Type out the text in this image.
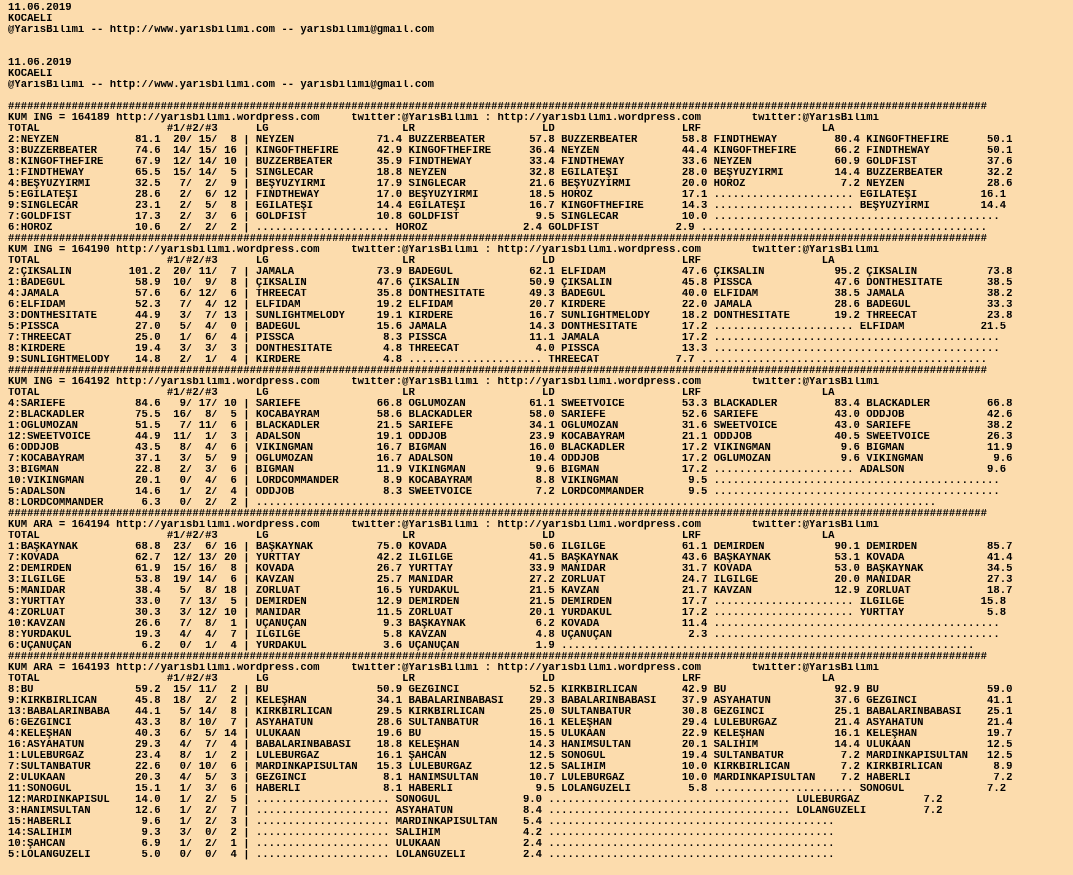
11.06.2019
KOCAELI
@YarisBilimi -- http://www.yarisbilimi.com -- yarisbilimi@gmail.com

11.06.2019
KOCAELI
@YarisBilimi -- http://www.yarisbilimi.com -- yarisbilimi@gmail.com

##########################################################################################################################################################
KUM ING = 164189 http://yarisbilimi.wordpress.com     twitter:@YarisBilimi : http://yarisbilimi.wordpress.com        twitter:@YarisBilimi
TOTAL                    #1/#2/#3      LG                     LR                    LD                    LRF                   LA
2:NEYZEN            81.1  20/ 15/  8 | NEYZEN             71.4 BUZZERBEATER       57.8 BUZZERBEATER       58.8 FINDTHEWAY         80.4 KINGOFTHEFIRE      50.1
3:BUZZERBEATER      74.6  14/ 15/ 16 | KINGOFTHEFIRE      42.9 KINGOFTHEFIRE      36.4 NEYZEN             44.4 KINGOFTHEFIRE      66.2 FINDTHEWAY         50.1
8:KINGOFTHEFIRE     67.9  12/ 14/ 10 | BUZZERBEATER       35.9 FINDTHEWAY         33.4 FINDTHEWAY         33.6 NEYZEN             60.9 GOLDFIST           37.6
1:FINDTHEWAY        65.5  15/ 14/  5 | SINGLECAR          18.8 NEYZEN             32.8 EGİLATEŞİ          28.0 BEŞYÜZYİRMİ        14.4 BUZZERBEATER       32.2
4:BEŞYÜZYİRMİ       32.5   7/  2/  9 | BEŞYÜZYİRMİ        17.9 SINGLECAR          21.6 BEŞYÜZYİRMİ        20.0 HOROZ               7.2 NEYZEN             28.6
5:EGİLATEŞİ         28.6   2/  6/ 12 | FINDTHEWAY         17.0 BEŞYÜZYİRMİ        18.5 HOROZ              17.1 ...................... EGİLATEŞİ          16.1
9:SINGLECAR         23.1   2/  5/  8 | EGİLATEŞİ          14.4 EGİLATEŞİ          16.7 KINGOFTHEFIRE      14.3 ...................... BEŞYÜZYİRMİ        14.4
7:GOLDFIST          17.3   2/  3/  6 | GOLDFIST           10.8 GOLDFIST            9.5 SINGLECAR          10.0 .............................................
6:HOROZ             10.6   2/  2/  2 | ..................... HOROZ               2.4 GOLDFIST            2.9 .............................................
##########################################################################################################################################################
KUM ING = 164190 http://yarisbilimi.wordpress.com     twitter:@YarisBilimi : http://yarisbilimi.wordpress.com        twitter:@YarisBilimi
TOTAL                    #1/#2/#3      LG                     LR                    LD                    LRF                   LA
2:ÇIKSALIN         101.2  20/ 11/  7 | JAMALA             73.9 BADEGÜL            62.1 ELFİDAM            47.6 ÇIKSALIN           95.2 ÇIKSALIN           73.8
1:BADEGUL           58.9  10/  9/  8 | ÇIKSALIN           47.6 ÇIKSALIN           50.9 ÇIKSALIN           45.8 PISSCA             47.6 DONTHESITATE       38.5
4:JAMALA            57.6   6/ 12/  6 | THREECAT           35.8 DONTHESITATE       49.3 BADEGUL            40.0 ELFİDAM            38.5 JAMALA             38.2
6:ELFİDAM           52.3   7/  4/ 12 | ELFİDAM            19.2 ELFİDAM            20.7 KIRDERE            22.0 JAMALA             28.6 BADEGUL            33.3
3:DONTHESITATE      44.9   3/  7/ 13 | SUNLIGHTMELODY     19.1 KIRDERE            16.7 SUNLIGHTMELODY     18.2 DONTHESITATE       19.2 THREECAT           23.8
5:PISSCA            27.0   5/  4/  0 | BADEGÜL            15.6 JAMALA             14.3 DONTHESITATE       17.2 ...................... ELFİDAM            21.5
7:THREECAT          25.0   1/  6/  4 | PISSCA              8.3 PISSCA             11.1 JAMALA             17.2 .............................................
8:KIRDERE           19.4   3/  3/  3 | DONTHESITATE        4.8 THREECAT            4.0 PISSCA             13.3 .............................................
9:SUNLIGHTMELODY    14.8   2/  1/  4 | KIRDERE             4.8 ..................... THREECAT            7.7 .............................................
##########################################################################################################################################################
KUM ING = 164192 http://yarisbilimi.wordpress.com     twitter:@YarisBilimi : http://yarisbilimi.wordpress.com        twitter:@YarisBilimi
TOTAL                    #1/#2/#3      LG                     LR                    LD                    LRF                   LA
4:SARIEFE           84.6   9/ 17/ 10 | SARIEFE            66.8 OĞLUMOZAN          61.1 SWEETVOICE         53.3 BLACKADLER         83.4 BLACKADLER         66.8
2:BLACKADLER        75.5  16/  8/  5 | KOCABAYRAM         58.6 BLACKADLER         58.0 SARIEFE            52.6 SARIEFE            43.0 ODDJOB             42.6
1:OĞLUMOZAN         51.5   7/ 11/  6 | BLACKADLER         21.5 SARIEFE            34.1 OĞLUMOZAN          31.6 SWEETVOICE         43.0 SARIEFE            38.2
12:SWEETVOICE       44.9  11/  1/  3 | ADALSON            19.1 ODDJOB             23.9 KOCABAYRAM         21.1 ODDJOB             40.5 SWEETVOICE         26.3
6:ODDJOB            43.5   8/  4/  6 | VİKİNGMAN          16.7 BIGMAN             16.0 BLACKADLER         17.2 VİKİNGMAN           9.6 BIGMAN             11.9
7:KOCABAYRAM        37.1   3/  5/  9 | OĞLUMOZAN          16.7 ADALSON            10.4 ODDJOB             17.2 OĞLUMOZAN           9.6 VİKİNGMAN           9.6
3:BIGMAN            22.8   2/  3/  6 | BIGMAN             11.9 VİKİNGMAN           9.6 BIGMAN             17.2 ...................... ADALSON             9.6
10:VİKİNGMAN        20.1   0/  4/  6 | LORDCOMMANDER       8.9 KOCABAYRAM          8.8 VİKİNGMAN           9.5 .............................................
5:ADALSON           14.6   1/  2/  4 | ODDJOB              8.3 SWEETVOICE          7.2 LORDCOMMANDER       9.5 .............................................
8:LORDCOMMANDER      6.3   0/  2/  2 | ...........................................................................................................
##########################################################################################################################################################
KUM ARA = 164194 http://yarisbilimi.wordpress.com     twitter:@YarisBilimi : http://yarisbilimi.wordpress.com        twitter:@YarisBilimi
TOTAL                    #1/#2/#3      LG                     LR                    LD                    LRF                   LA
1:BAŞKAYNAK         68.8  23/  6/ 16 | BAŞKAYNAK          75.0 KOVADA             50.6 İLGİLGE            61.1 DEMİRDEN           90.1 DEMİRDEN           85.7
7:KOVADA            62.7  12/ 13/ 20 | YURTTAY            42.2 İLGİLGE            41.5 BAŞKAYNAK          43.6 BAŞKAYNAK          53.1 KOVADA             41.4
2:DEMİRDEN          61.9  15/ 16/  8 | KOVADA             26.7 YURTTAY            33.9 MANİDAR            31.7 KOVADA             53.0 BAŞKAYNAK          34.5
3:İLGİLGE           53.8  19/ 14/  6 | KAVZAN             25.7 MANİDAR            27.2 ZORLUAT            24.7 İLGİLGE            20.0 MANİDAR            27.3
5:MANİDAR           38.4   5/  8/ 18 | ZORLUAT            16.5 YURDAKUL           21.5 KAVZAN             21.7 KAVZAN             12.9 ZORLUAT            18.7
3:YURTTAY           33.0   7/ 13/  5 | DEMİRDEN           12.9 DEMİRDEN           21.5 DEMİRDEN           17.7 ...................... İLGİLGE            15.8
4:ZORLUAT           30.3   3/ 12/ 10 | MANİDAR            11.5 ZORLUAT            20.1 YURDAKUL           17.2 ...................... YURTTAY             5.8
10:KAVZAN           26.6   7/  8/  1 | UÇANUÇAN            9.3 BAŞKAYNAK           6.2 KOVADA             11.4 .............................................
8:YURDAKUL          19.3   4/  4/  7 | İLGİLGE             5.8 KAVZAN              4.8 UÇANUÇAN            2.3 .............................................
6:UÇANUÇAN           6.2   0/  1/  4 | YURDAKUL            3.6 UÇANUÇAN            1.9 .................................................................
##########################################################################################################################################################
KUM ARA = 164193 http://yarisbilimi.wordpress.com     twitter:@YarisBilimi : http://yarisbilimi.wordpress.com        twitter:@YarisBilimi
TOTAL                    #1/#2/#3      LG                     LR                    LD                    LRF                   LA
8:BU                59.2  15/ 11/  2 | BU                 50.9 GEZGİNCİ           52.5 KIRKBİRLİCAN       42.9 BU                 92.9 BU                 59.0
9:KIRKBİRLİCAN      45.8  18/  2/  2 | KELEŞHAN           34.1 BABALARINBABASI    29.3 BABALARINBABASI    37.9 ASYAHATUN          37.6 GEZGİNCİ           41.1
13:BABALARINBABA    44.1   5/ 14/  8 | KIRKBİRLİCAN       29.5 KIRKBİRLİCAN       25.0 SULTANBATUR        30.8 GEZGİNCİ           25.1 BABALARINBABASI    25.1
6:GEZGİNCİ          43.3   8/ 10/  7 | ASYAHATUN          28.6 SULTANBATUR        16.1 KELEŞHAN           29.4 LÜLEBURGAZ         21.4 ASYAHATUN          21.4
4:KELEŞHAN          40.3   6/  5/ 14 | ULUKAAN            19.6 BU                 15.5 ULUKAAN            22.9 KELEŞHAN           16.1 KELEŞHAN           19.7
16:ASYAHATUN        29.3   4/  7/  4 | BABALARINBABASI    18.8 KELEŞHAN           14.3 HANIMSULTAN        20.1 SALİHİM            14.4 ULUKAAN            12.5
1:LÜLEBURGAZ        23.4   8/  1/  2 | LÜLEBURGAZ         16.1 ŞAHCAN             12.5 SONOĞUL            19.4 SULTANBATUR         7.2 MARDİNKAPISULTAN   12.5
7:SULTANBATUR       22.6   0/ 10/  6 | MARDİNKAPISULTAN   15.3 LÜLEBURGAZ         12.5 SALİHİM            10.0 KIRKBİRLİCAN        7.2 KIRKBİRLİCAN        8.9
2:ULUKAAN           20.3   4/  5/  3 | GEZGİNCİ            8.1 HANIMSULTAN        10.7 LÜLEBURGAZ         10.0 MARDİNKAPISULTAN    7.2 HABERLİ             7.2
11:SONOĞUL          15.1   1/  3/  6 | HABERLİ             8.1 HABERLİ             9.5 LOLANGUZELİ         5.8 ...................... SONOĞUL             7.2
12:MARDİNKAPISUL    14.0   1/  2/  5 | ..................... SONOĞUL             9.0 ...................................... LÜLEBURGAZ          7.2
3:HANIMSULTAN       12.6   1/  2/  7 | ..................... ASYAHATUN           8.4 ...................................... LOLANGUZELİ         7.2
15:HABERLİ           9.6   1/  2/  3 | ..................... MARDİNKAPISULTAN    5.4 .............................................
14:SALİHİM           9.3   3/  0/  2 | ..................... SALİHİM             4.2 .............................................
10:ŞAHCAN            6.9   1/  2/  1 | ..................... ULUKAAN             2.4 .............................................
5:LOLANGUZELİ        5.0   0/  0/  4 | ..................... LOLANGUZELİ         2.4 .............................................
